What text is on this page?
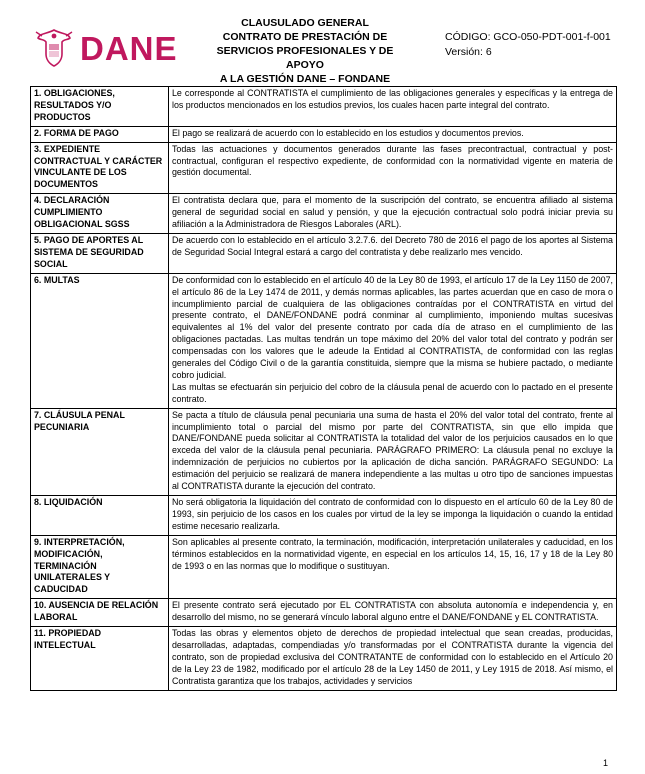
DANE
CLAUSULADO GENERAL
CONTRATO DE PRESTACIÓN DE
SERVICIOS PROFESIONALES Y DE APOYO
A LA GESTIÓN DANE – FONDANE
CÓDIGO: GCO-050-PDT-001-f-001
Versión: 6
1. OBLIGACIONES, RESULTADOS Y/O PRODUCTOS	Le corresponde al CONTRATISTA el cumplimiento de las obligaciones generales y específicas y la entrega de los productos mencionados en los estudios previos, los cuales hacen parte integral del contrato.
2. FORMA DE PAGO	El pago se realizará de acuerdo con lo establecido en los estudios y documentos previos.
3. EXPEDIENTE CONTRACTUAL Y CARÁCTER VINCULANTE DE LOS DOCUMENTOS	Todas las actuaciones y documentos generados durante las fases precontractual, contractual y post-contractual, configuran el respectivo expediente, de conformidad con la normatividad vigente en materia de gestión documental.
4. DECLARACIÓN CUMPLIMIENTO OBLIGACIONAL SGSS	El contratista declara que, para el momento de la suscripción del contrato, se encuentra afiliado al sistema general de seguridad social en salud y pensión, y que la ejecución contractual solo podrá iniciar previa su afiliación a la Administradora de Riesgos Laborales (ARL).
5. PAGO DE APORTES AL SISTEMA DE SEGURIDAD SOCIAL	De acuerdo con lo establecido en el artículo 3.2.7.6. del Decreto 780 de 2016 el pago de los aportes al Sistema de Seguridad Social Integral estará a cargo del contratista y debe realizarlo mes vencido.
6. MULTAS	De conformidad con lo establecido en el artículo 40 de la Ley 80 de 1993, el artículo 17 de la Ley 1150 de 2007, el artículo 86 de la Ley 1474 de 2011, y demás normas aplicables, las partes acuerdan que en caso de mora o incumplimiento parcial de cualquiera de las obligaciones contraídas por el CONTRATISTA en virtud del presente contrato, el DANE/FONDANE podrá conminar al cumplimiento, imponiendo multas sucesivas equivalentes al 1% del valor del presente contrato por cada día de atraso en el cumplimiento de las obligaciones pactadas. Las multas tendrán un tope máximo del 20% del valor total del contrato y podrán ser compensadas con los valores que le adeude la Entidad al CONTRATISTA, de conformidad con las reglas generales del Código Civil o de la garantía constituida, siempre que la misma se hubiere pactado, o mediante cobro judicial.
Las multas se efectuarán sin perjuicio del cobro de la cláusula penal de acuerdo con lo pactado en el presente contrato.

7. CLÁUSULA PENAL PECUNIARIA	Se pacta a título de cláusula penal pecuniaria una suma de hasta el 20% del valor total del contrato, frente al incumplimiento total o parcial del mismo por parte del CONTRATISTA, sin que ello impida que DANE/FONDANE pueda solicitar al CONTRATISTA la totalidad del valor de los perjuicios causados en lo que exceda del valor de la cláusula penal pecuniaria. PARÁGRAFO PRIMERO: La cláusula penal no excluye la indemnización de perjuicios no cubiertos por la aplicación de dicha sanción. PARÁGRAFO SEGUNDO: La estimación del perjuicio se realizará de manera independiente a las multas u otro tipo de sanciones impuestas al CONTRATISTA durante la ejecución del contrato.
8. LIQUIDACIÓN	No será obligatoria la liquidación del contrato de conformidad con lo dispuesto en el artículo 60 de la Ley 80 de 1993, sin perjuicio de los casos en los cuales por virtud de la ley se imponga la liquidación o cuando la entidad estime necesario realizarla.
9. INTERPRETACIÓN, MODIFICACIÓN, TERMINACIÓN UNILATERALES Y CADUCIDAD	Son aplicables al presente contrato, la terminación, modificación, interpretación unilaterales y caducidad, en los términos establecidos en la normatividad vigente, en especial en los artículos 14, 15, 16, 17 y 18 de la Ley 80 de 1993 o en las normas que lo modifique o sustituyan.
10. AUSENCIA DE RELACIÓN LABORAL	El presente contrato será ejecutado por EL CONTRATISTA con absoluta autonomía e independencia y, en desarrollo del mismo, no se generará vínculo laboral alguno entre el DANE/FONDANE y EL CONTRATISTA.
11. PROPIEDAD INTELECTUAL	Todas las obras y elementos objeto de derechos de propiedad intelectual que sean creadas, producidas, desarrolladas, adaptadas, compendiadas y/o transformadas por el CONTRATISTA durante la vigencia del contrato, son de propiedad exclusiva del CONTRATANTE de conformidad con lo establecido en el Artículo 20 de la Ley 23 de 1982, modificado por el artículo 28 de la Ley 1450 de 2011, y Ley 1915 de 2018. Así mismo, el Contratista garantiza que los trabajos, actividades y servicios
1
